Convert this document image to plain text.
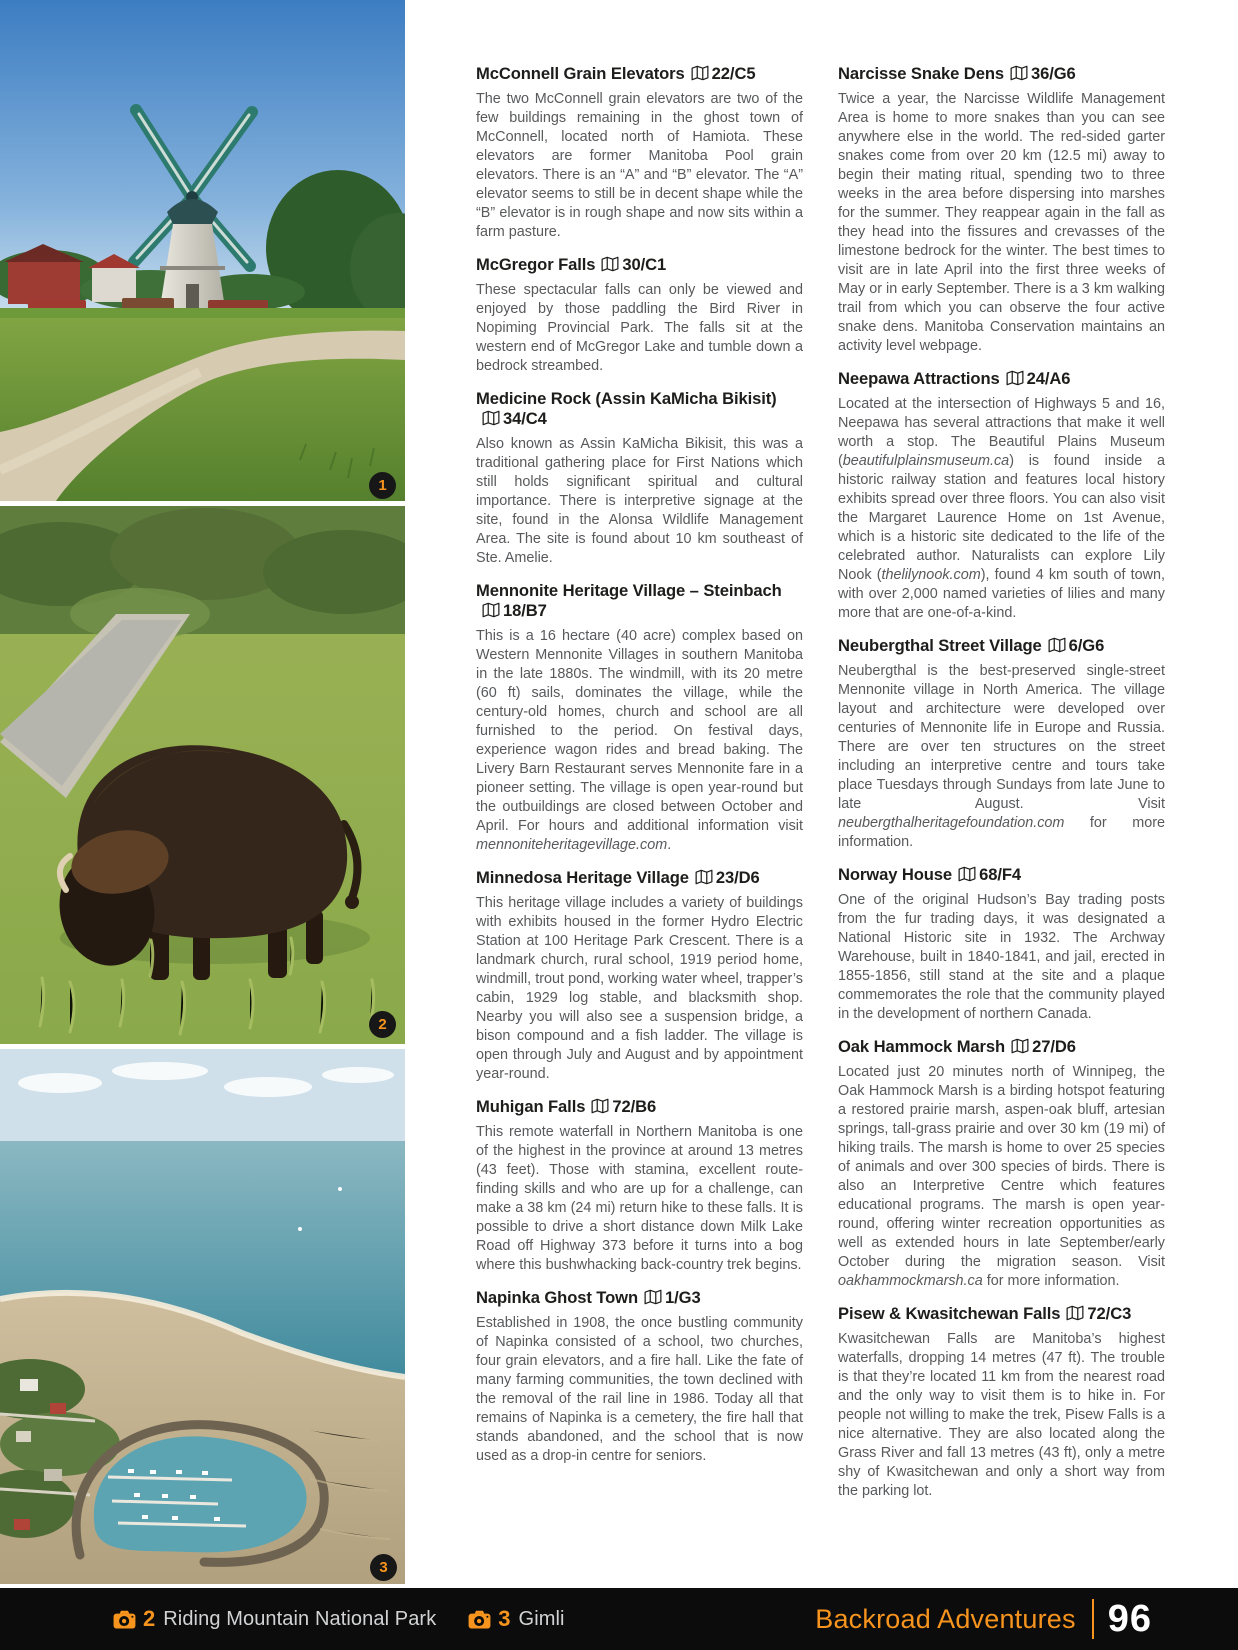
1
2
3
McConnell Grain Elevators 22/C5

The two McConnell grain elevators are two of the few buildings remaining in the ghost town of McConnell, located north of Hamiota. These elevators are former Manitoba Pool grain elevators. There is an “A” and “B” elevator. The “A” elevator seems to still be in decent shape while the “B” elevator is in rough shape and now sits within a farm pasture.

McGregor Falls 30/C1

These spectacular falls can only be viewed and enjoyed by those paddling the Bird River in Nopiming Provincial Park. The falls sit at the western end of McGregor Lake and tumble down a bedrock streambed.

Medicine Rock (Assin KaMicha Bikisit)34/C4

Also known as Assin KaMicha Bikisit, this was a traditional gathering place for First Nations which still holds significant spiritual and cultural importance. There is interpretive signage at the site, found in the Alonsa Wildlife Management Area. The site is found about 10 km southeast of Ste. Amelie.

Mennonite Heritage Village – Steinbach18/B7

This is a 16 hectare (40 acre) complex based on Western Mennonite Villages in southern Manitoba in the late 1880s. The windmill, with its 20 metre (60 ft) sails, dominates the village, while the century-old homes, church and school are all furnished to the period. On festival days, experience wagon rides and bread baking. The Livery Barn Restaurant serves Mennonite fare in a pioneer setting. The village is open year-round but the outbuildings are closed between October and April. For hours and additional information visit mennoniteheritagevillage.com.

Minnedosa Heritage Village 23/D6

This heritage village includes a variety of buildings with exhibits housed in the former Hydro Electric Station at 100 Heritage Park Crescent. There is a landmark church, rural school, 1919 period home, windmill, trout pond, working water wheel, trapper’s cabin, 1929 log stable, and blacksmith shop. Nearby you will also see a suspension bridge, a bison compound and a fish ladder. The village is open through July and August and by appointment year-round.

Muhigan Falls 72/B6

This remote waterfall in Northern Manitoba is one of the highest in the province at around 13 metres (43 feet). Those with stamina, excellent route-finding skills and who are up for a challenge, can make a 38 km (24 mi) return hike to these falls. It is possible to drive a short distance down Milk Lake Road off Highway 373 before it turns into a bog where this bushwhacking back-country trek begins.

Napinka Ghost Town 1/G3

Established in 1908, the once bustling community of Napinka consisted of a school, two churches, four grain elevators, and a fire hall. Like the fate of many farming communities, the town declined with the removal of the rail line in 1986. Today all that remains of Napinka is a cemetery, the fire hall that stands abandoned, and the school that is now used as a drop-in centre for seniors.

Narcisse Snake Dens 36/G6

Twice a year, the Narcisse Wildlife Management Area is home to more snakes than you can see anywhere else in the world. The red-sided garter snakes come from over 20 km (12.5 mi) away to begin their mating ritual, spending two to three weeks in the area before dispersing into marshes for the summer. They reappear again in the fall as they head into the fissures and crevasses of the limestone bedrock for the winter. The best times to visit are in late April into the first three weeks of May or in early September. There is a 3 km walking trail from which you can observe the four active snake dens. Manitoba Conservation maintains an activity level webpage.

Neepawa Attractions 24/A6

Located at the intersection of Highways 5 and 16, Neepawa has several attractions that make it well worth a stop. The Beautiful Plains Museum (beautifulplainsmuseum.ca) is found inside a historic railway station and features local history exhibits spread over three floors. You can also visit the Margaret Laurence Home on 1st Avenue, which is a historic site dedicated to the life of the celebrated author. Naturalists can explore Lily Nook (thelilynook.com), found 4 km south of town, with over 2,000 named varieties of lilies and many more that are one-of-a-kind.

Neubergthal Street Village 6/G6

Neubergthal is the best-preserved single-street Mennonite village in North America. The village layout and architecture were developed over centuries of Mennonite life in Europe and Russia. There are over ten structures on the street including an interpretive centre and tours take place Tuesdays through Sundays from late June to late August. Visit neubergthalheritagefoundation.com for more information.

Norway House 68/F4

One of the original Hudson’s Bay trading posts from the fur trading days, it was designated a National Historic site in 1932. The Archway Warehouse, built in 1840-1841, and jail, erected in 1855-1856, still stand at the site and a plaque commemorates the role that the community played in the development of northern Canada.

Oak Hammock Marsh 27/D6

Located just 20 minutes north of Winnipeg, the Oak Hammock Marsh is a birding hotspot featuring a restored prairie marsh, aspen-oak bluff, artesian springs, tall-grass prairie and over 30 km (19 mi) of hiking trails. The marsh is home to over 25 species of animals and over 300 species of birds. There is also an Interpretive Centre which features educational programs. The marsh is open year-round, offering winter recreation opportunities as well as extended hours in late September/early October during the migration season. Visit oakhammockmarsh.ca for more information.

Pisew & Kwasitchewan Falls 72/C3

Kwasitchewan Falls are Manitoba’s highest waterfalls, dropping 14 metres (47 ft). The trouble is that they’re located 11 km from the nearest road and the only way to visit them is to hike in. For people not willing to make the trek, Pisew Falls is a nice alternative. They are also located along the Grass River and fall 13 metres (43 ft), only a metre shy of Kwasitchewan and only a short way from the parking lot.

2 Riding Mountain National Park	3 Gimli	Backroad Adventures 96
